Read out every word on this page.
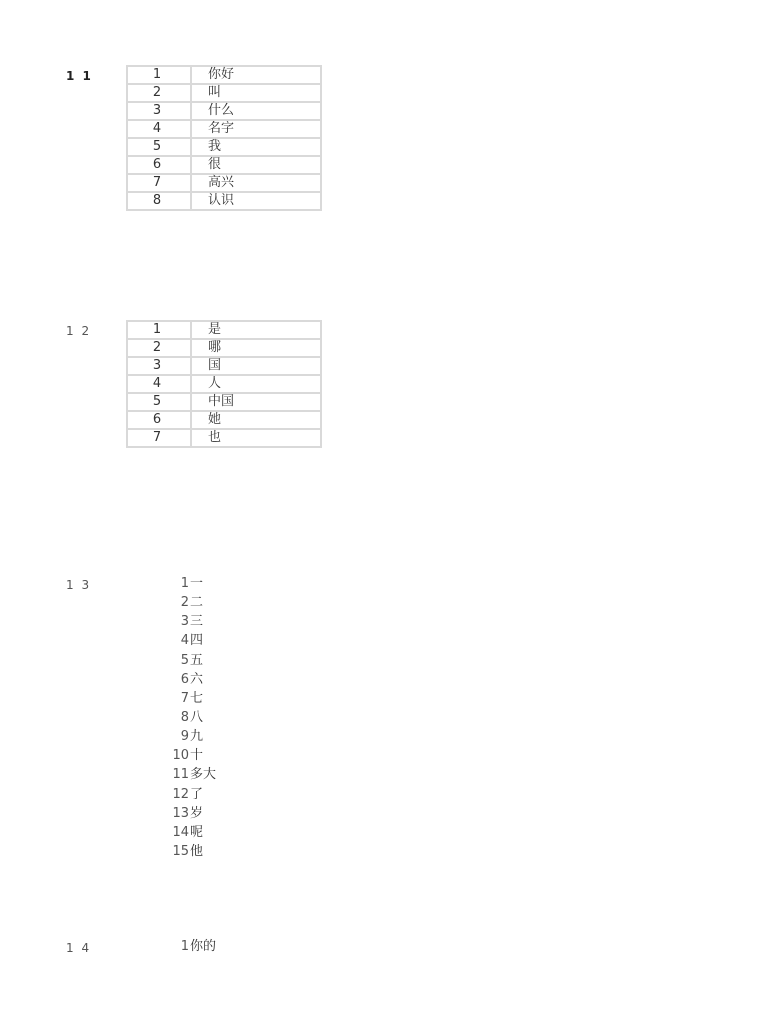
1 1	1	你好
2	叫
3	什么
4	名字
5	我
6	很
7	高兴
8	认识
1 2	1	是
2	哪
3	国
4	人
5	中国
6	她
7	也
1 3	1 一
2 二
3 三
4 四
5 五
6 六
7 七
8 八
9 九
10 十
11 多大
12 了
13 岁
14 呢
15 他
1 4	1 你的
